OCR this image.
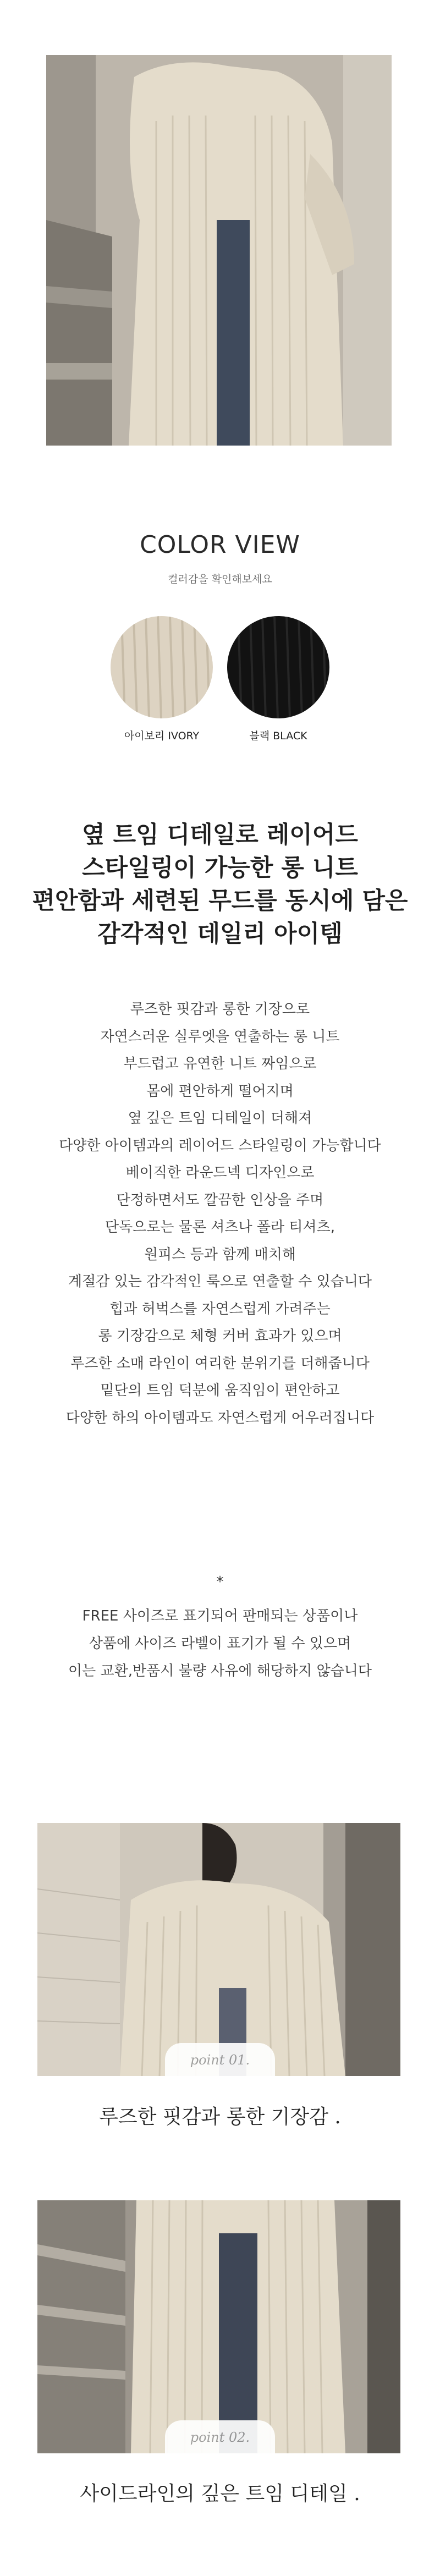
COLOR VIEW
컬러감을 확인해보세요
아이보리 IVORY	블랙 BLACK
옆 트임 디테일로 레이어드
스타일링이 가능한 롱 니트
편안함과 세련된 무드를 동시에 담은
감각적인 데일리 아이템
루즈한 핏감과 롱한 기장으로
자연스러운 실루엣을 연출하는 롱 니트
부드럽고 유연한 니트 짜임으로
몸에 편안하게 떨어지며
옆 깊은 트임 디테일이 더해져
다양한 아이템과의 레이어드 스타일링이 가능합니다
베이직한 라운드넥 디자인으로
단정하면서도 깔끔한 인상을 주며
단독으로는 물론 셔츠나 폴라 티셔츠,
원피스 등과 함께 매치해
계절감 있는 감각적인 룩으로 연출할 수 있습니다
힙과 허벅스를 자연스럽게 가려주는
롱 기장감으로 체형 커버 효과가 있으며
루즈한 소매 라인이 여리한 분위기를 더해줍니다
밑단의 트임 덕분에 움직임이 편안하고
다양한 하의 아이템과도 자연스럽게 어우러집니다
*
FREE 사이즈로 표기되어 판매되는 상품이나
상품에 사이즈 라벨이 표기가 될 수 있으며
이는 교환,반품시 불량 사유에 해당하지 않습니다
point 01.
루즈한 핏감과 롱한 기장감 .
point 02.
사이드라인의 깊은 트임 디테일 .
